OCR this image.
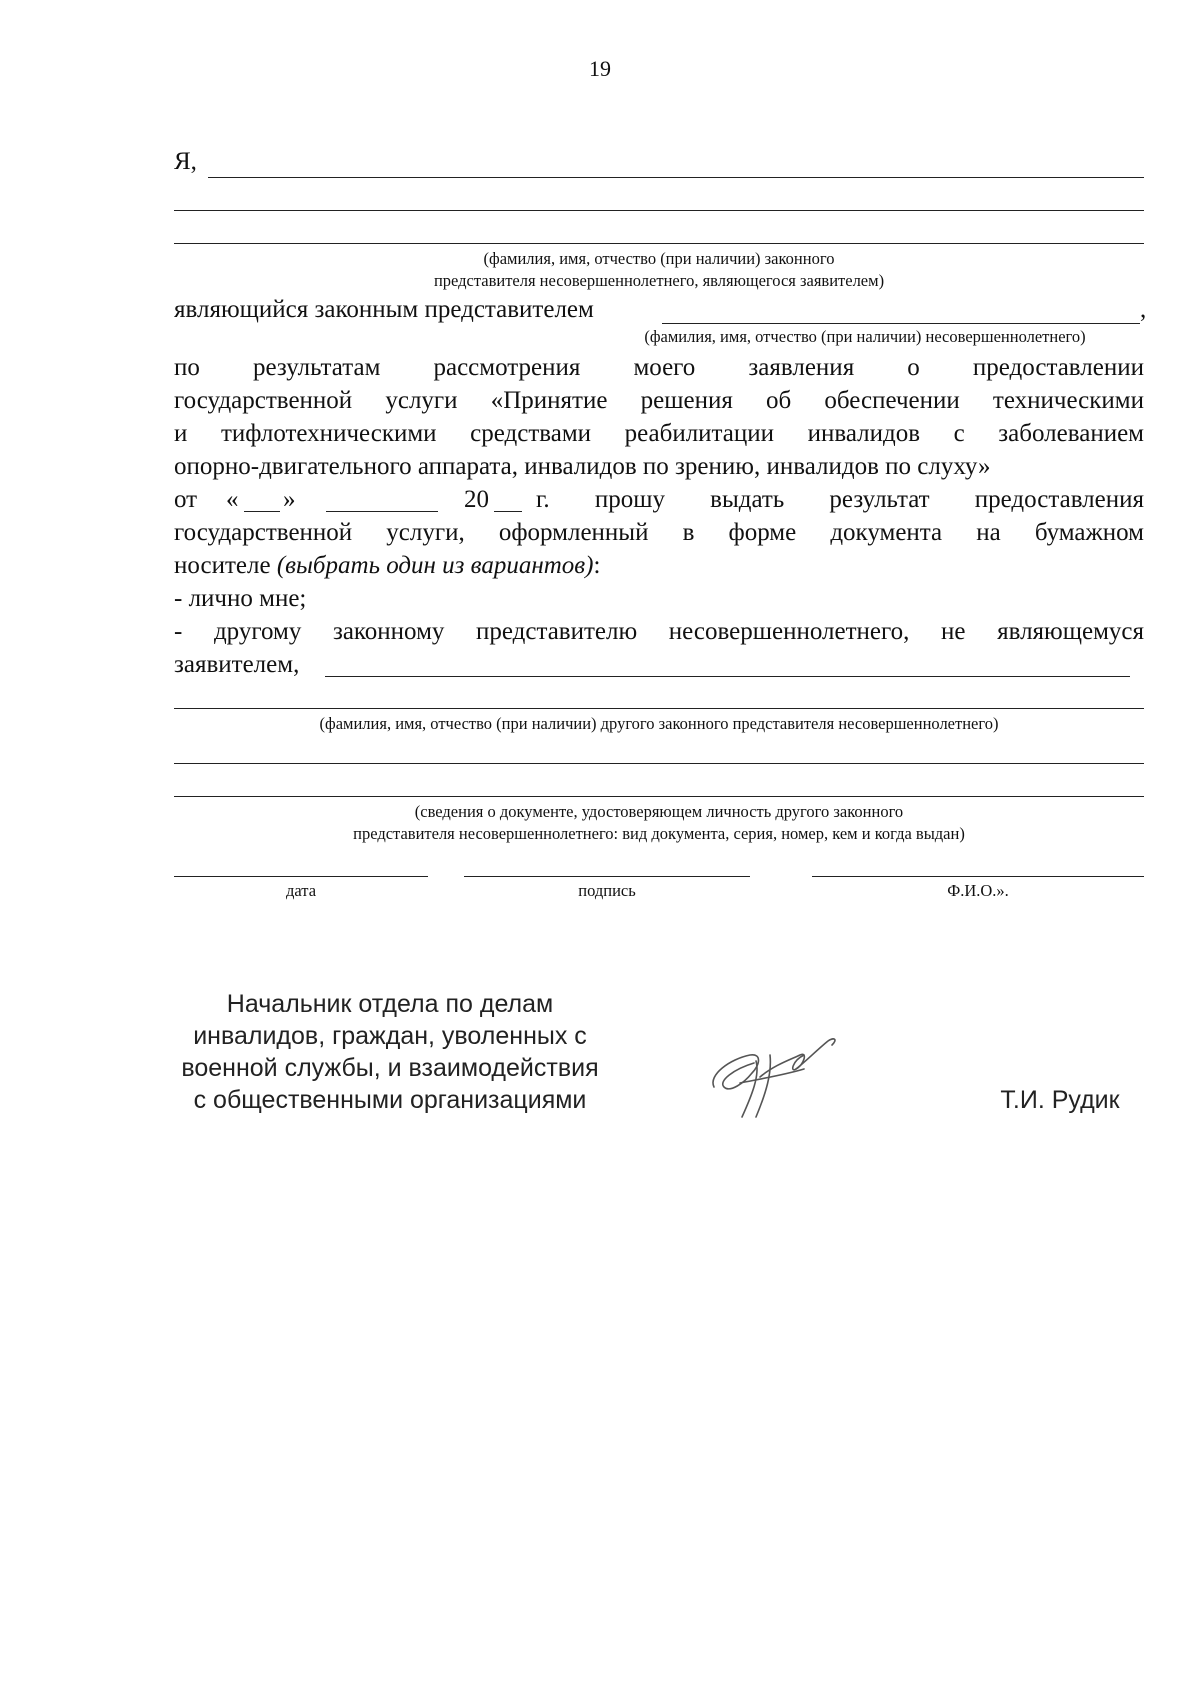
19
Я,
(фамилия, имя, отчество (при наличии) законного
представителя несовершеннолетнего, являющегося заявителем)
являющийся законным представителем	,
(фамилия, имя, отчество (при наличии) несовершеннолетнего)
по результатам рассмотрения моего заявления о предоставлении
государственной услуги «Принятие решения об обеспечении техническими
и тифлотехническими средствами реабилитации инвалидов с заболеванием
опорно-двигательного аппарата, инвалидов по зрению, инвалидов по слуху»
от « »	20 г. прошу выдать результат предоставления
государственной услуги, оформленный в форме документа на бумажном
носителе (выбрать один из вариантов):
- лично мне;
- другому законному представителю несовершеннолетнего, не являющемуся
заявителем,
(фамилия, имя, отчество (при наличии) другого законного представителя несовершеннолетнего)
(сведения о документе, удостоверяющем личность другого законного
представителя несовершеннолетнего: вид документа, серия, номер, кем и когда выдан)
дата	подпись	Ф.И.О.».
Начальник отдела по делам
инвалидов, граждан, уволенных с
военной службы, и взаимодействия
с общественными организациями	Т.И. Рудик
